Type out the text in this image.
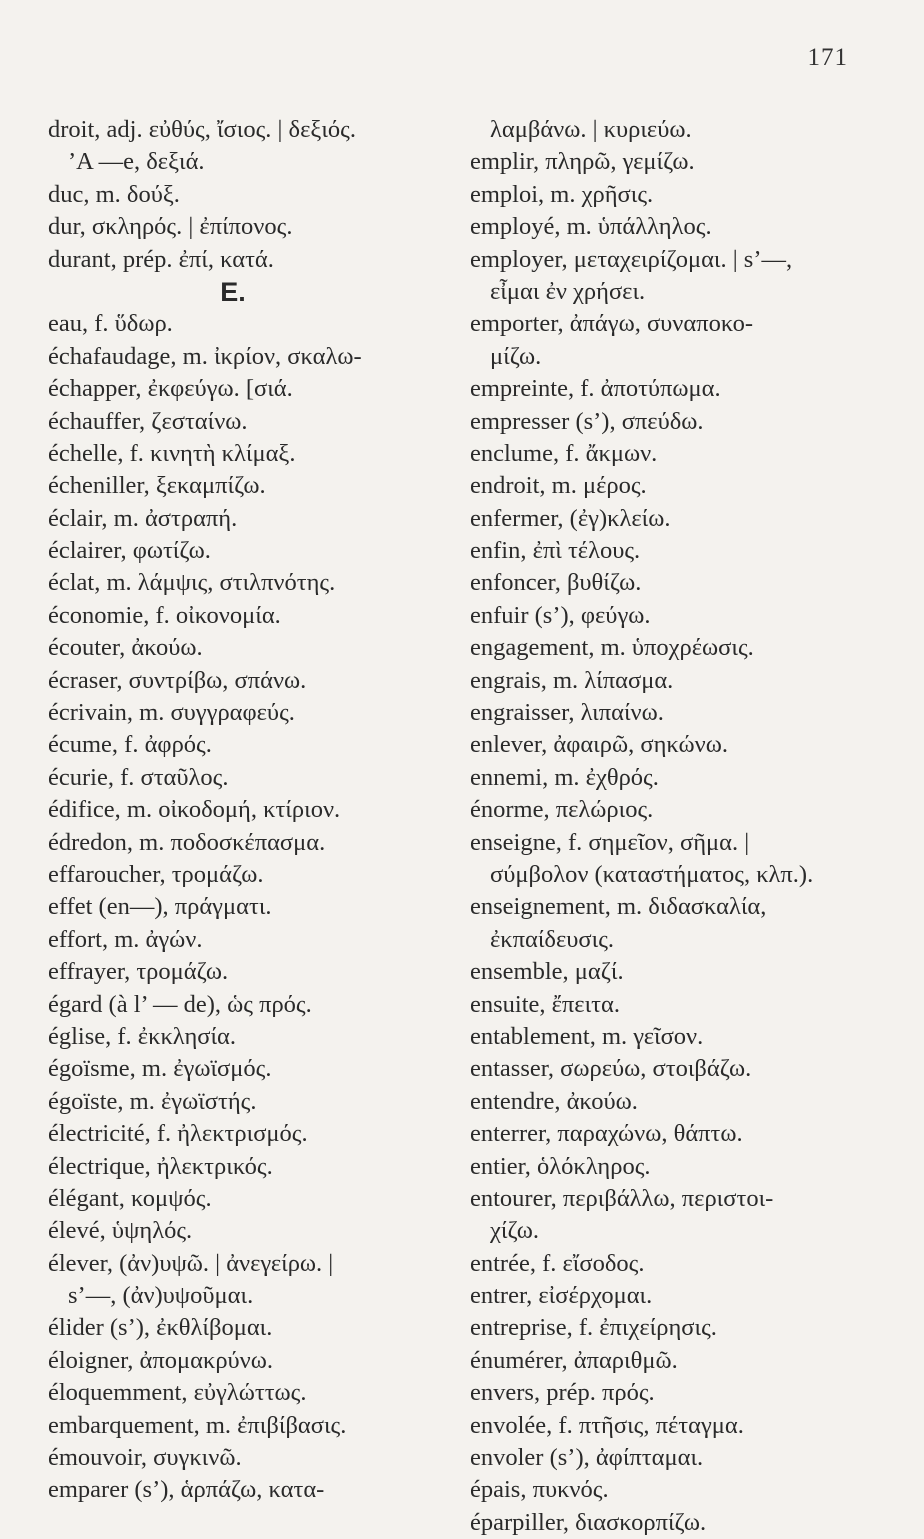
171
droit, adj. εὐθύς, ἴσιος. | δεξιός.
’A —e, δεξιά.
duc, m. δούξ.
dur, σκληρός. | ἐπίπονος.
durant, prép. ἐπί, κατά.
E.
eau, f. ὕδωρ.
échafaudage, m. ἰκρίον, σκαλω-
échapper, ἐκφεύγω. [σιά.
échauffer, ζεσταίνω.
échelle, f. κινητὴ κλίμαξ.
écheniller, ξεκαμπίζω.
éclair, m. ἀστραπή.
éclairer, φωτίζω.
éclat, m. λάμψις, στιλπνότης.
économie, f. οἰκονομία.
écouter, ἀκούω.
écraser, συντρίβω, σπάνω.
écrivain, m. συγγραφεύς.
écume, f. ἀφρός.
écurie, f. σταῦλος.
édifice, m. οἰκοδομή, κτίριον.
édredon, m. ποδοσκέπασμα.
effaroucher, τρομάζω.
effet (en—), πράγματι.
effort, m. ἀγών.
effrayer, τρομάζω.
égard (à l’ — de), ὡς πρός.
église, f. ἐκκλησία.
égoïsme, m. ἐγωϊσμός.
égoïste, m. ἐγωϊστής.
électricité, f. ἠλεκτρισμός.
électrique, ἠλεκτρικός.
élégant, κομψός.
élevé, ὑψηλός.
élever, (ἀν)υψῶ. | ἀνεγείρω. |
s’—, (ἀν)υψοῦμαι.
élider (s’), ἐκθλίβομαι.
éloigner, ἀπομακρύνω.
éloquemment, εὐγλώττως.
embarquement, m. ἐπιβίβασις.
émouvoir, συγκινῶ.
emparer (s’), ἁρπάζω, κατα-
λαμβάνω. | κυριεύω.
emplir, πληρῶ, γεμίζω.
emploi, m. χρῆσις.
employé, m. ὑπάλληλος.
employer, μεταχειρίζομαι. | s’—,
εἶμαι ἐν χρήσει.
emporter, ἀπάγω, συναποκο-
μίζω.
empreinte, f. ἀποτύπωμα.
empresser (s’), σπεύδω.
enclume, f. ἄκμων.
endroit, m. μέρος.
enfermer, (ἐγ)κλείω.
enfin, ἐπὶ τέλους.
enfoncer, βυθίζω.
enfuir (s’), φεύγω.
engagement, m. ὑποχρέωσις.
engrais, m. λίπασμα.
engraisser, λιπαίνω.
enlever, ἀφαιρῶ, σηκώνω.
ennemi, m. ἐχθρός.
énorme, πελώριος.
enseigne, f. σημεῖον, σῆμα. |
σύμβολον (καταστήματος, κλπ.).
enseignement, m. διδασκαλία,
ἐκπαίδευσις.
ensemble, μαζί.
ensuite, ἔπειτα.
entablement, m. γεῖσον.
entasser, σωρεύω, στοιβάζω.
entendre, ἀκούω.
enterrer, παραχώνω, θάπτω.
entier, ὁλόκληρος.
entourer, περιβάλλω, περιστοι-
χίζω.
entrée, f. εἴσοδος.
entrer, εἰσέρχομαι.
entreprise, f. ἐπιχείρησις.
énumérer, ἀπαριθμῶ.
envers, prép. πρός.
envolée, f. πτῆσις, πέταγμα.
envoler (s’), ἀφίπταμαι.
épais, πυκνός.
éparpiller, διασκορπίζω.
